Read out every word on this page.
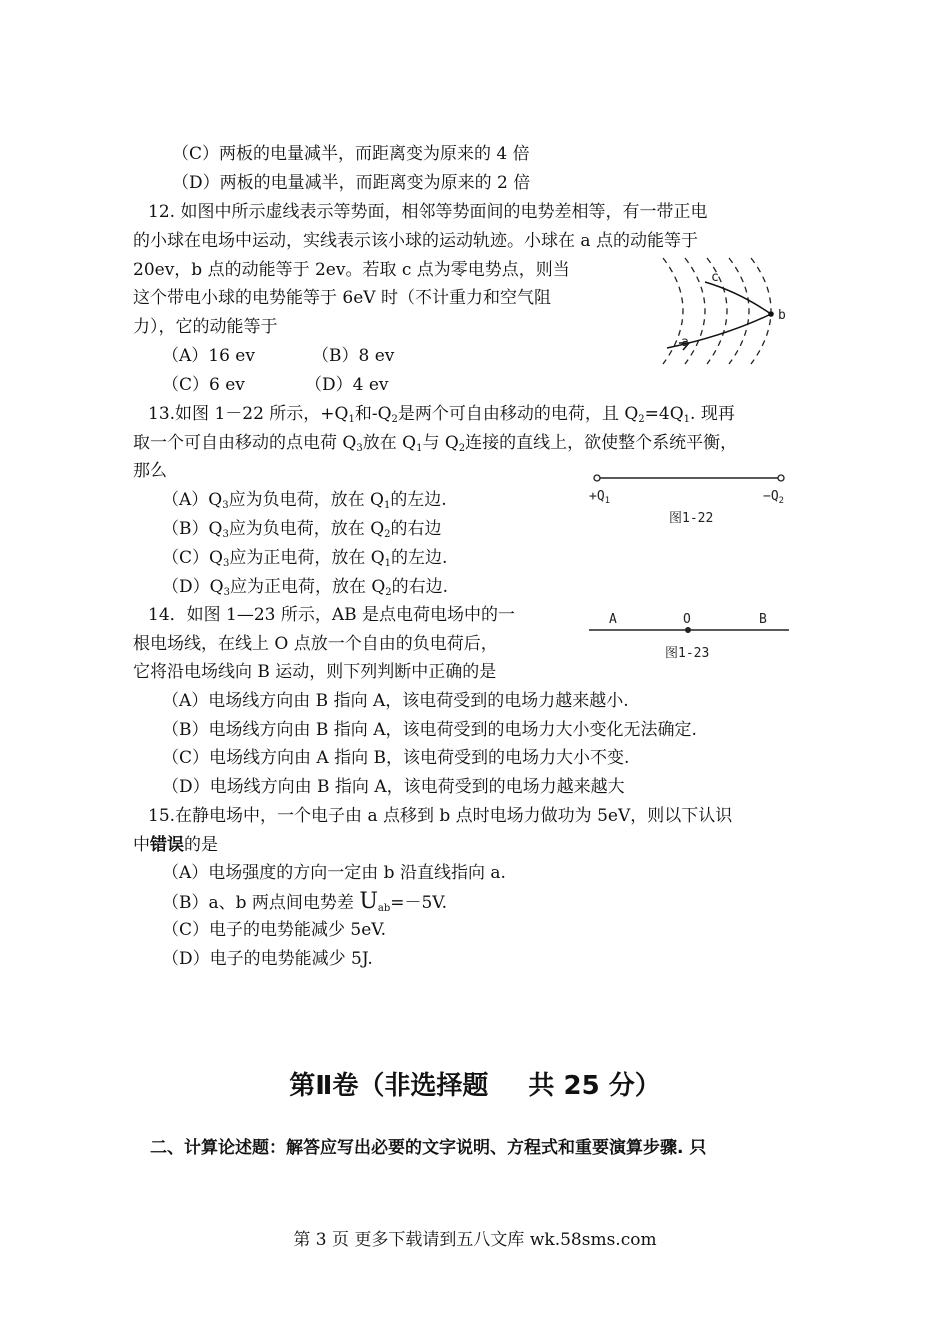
（C）两板的电量减半，而距离变为原来的 4 倍
（D）两板的电量减半，而距离变为原来的 2 倍
12. 如图中所示虚线表示等势面，相邻等势面间的电势差相等，有一带正电
的小球在电场中运动，实线表示该小球的运动轨迹。小球在 a 点的动能等于
20ev，b 点的动能等于 2ev。若取 c 点为零电势点，则当
这个带电小球的电势能等于 6eV 时（不计重力和空气阻
力），它的动能等于
（A）16 ev	（B）8 ev
（C）6 ev	（D）4 ev
a
b
c
13.如图 1－22 所示，$+Q_1$和$-Q_2$是两个可自由移动的电荷，且 $Q_2=4Q_1$. 现再
取一个可自由移动的点电荷 $Q_3$放在 $Q_1$与 $Q_2$连接的直线上，欲使整个系统平衡，
那么
$(A)Q_3$应为负电荷，放在 $Q_1$的左边.
$(B)Q_3$应为负电荷，放在 $Q_2$的右边
$(C)Q_3$应为正电荷，放在 $Q_1$的左边.
$(D)Q_3$应为正电荷，放在 $Q_2$的右边.
$+Q_1$	$-Q_2$
图1-22
14．如图 1—23 所示，AB 是点电荷电场中的一
根电场线，在线上 O 点放一个自由的负电荷后，
它将沿电场线向 B 运动，则下列判断中正确的是
（A）电场线方向由 B 指向 A，该电荷受到的电场力越来越小.
（B）电场线方向由 B 指向 A，该电荷受到的电场力大小变化无法确定.
（C）电场线方向由 A 指向 B，该电荷受到的电场力大小不变.
（D）电场线方向由 B 指向 A，该电荷受到的电场力越来越大
A	O	B
图1-23
15.在静电场中，一个电子由 a 点移到 b 点时电场力做功为 5eV，则以下认识
中错误的是
（A）电场强度的方向一定由 b 沿直线指向 a.
（B）a、b 两点间电势差 $U_{ab}=-5V$.
（C）电子的电势能减少 5eV.
（D）电子的电势能减少 5J.
第Ⅱ卷（非选择题 共 25 分）
二、计算论述题：解答应写出必要的文字说明、方程式和重要演算步骤. 只
第 3 页 更多下载请到五八文库 wk.58sms.com
